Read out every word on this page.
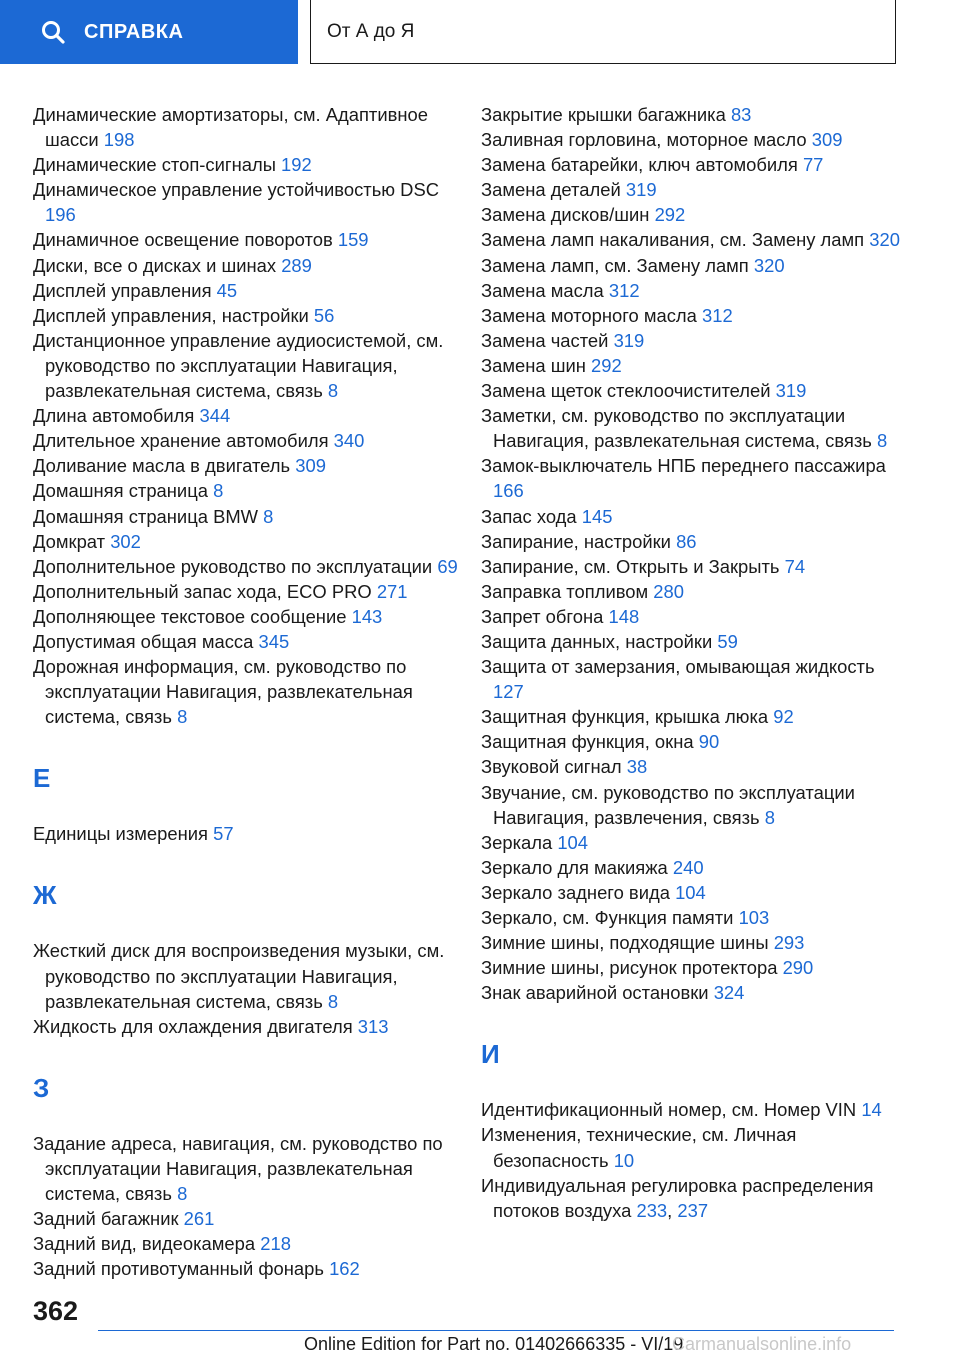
СПРАВКА	От А до Я
Динамические амортизаторы, см. Адаптивное шасси 198
Динамические стоп-сигналы 192
Динамическое управление устойчивостью DSC 196
Динамичное освещение поворотов 159
Диски, все о дисках и шинах 289
Дисплей управления 45
Дисплей управления, настройки 56
Дистанционное управление аудиосистемой, см. руководство по эксплуатации Навигация, развлекательная система, связь 8
Длина автомобиля 344
Длительное хранение автомобиля 340
Доливание масла в двигатель 309
Домашняя страница 8
Домашняя страница BMW 8
Домкрат 302
Дополнительное руководство по эксплуатации 69
Дополнительный запас хода, ECO PRO 271
Дополняющее текстовое сообщение 143
Допустимая общая масса 345
Дорожная информация, см. руководство по эксплуатации Навигация, развлекательная система, связь 8
Е
Единицы измерения 57
Ж
Жесткий диск для воспроизведения музыки, см. руководство по эксплуатации Навигация, развлекательная система, связь 8
Жидкость для охлаждения двигателя 313
З
Задание адреса, навигация, см. руководство по эксплуатации Навигация, развлекательная система, связь 8
Задний багажник 261
Задний вид, видеокамера 218
Задний противотуманный фонарь 162
Закрытие крышки багажника 83
Заливная горловина, моторное масло 309
Замена батарейки, ключ автомобиля 77
Замена деталей 319
Замена дисков/шин 292
Замена ламп накаливания, см. Замену ламп 320
Замена ламп, см. Замену ламп 320
Замена масла 312
Замена моторного масла 312
Замена частей 319
Замена шин 292
Замена щеток стеклоочистителей 319
Заметки, см. руководство по эксплуатации Навигация, развлекательная система, связь 8
Замок-выключатель НПБ переднего пассажира 166
Запас хода 145
Запирание, настройки 86
Запирание, см. Открыть и Закрыть 74
Заправка топливом 280
Запрет обгона 148
Защита данных, настройки 59
Защита от замерзания, омывающая жидкость 127
Защитная функция, крышка люка 92
Защитная функция, окна 90
Звуковой сигнал 38
Звучание, см. руководство по эксплуатации Навигация, развлечения, связь 8
Зеркала 104
Зеркало для макияжа 240
Зеркало заднего вида 104
Зеркало, см. Функция памяти 103
Зимние шины, подходящие шины 293
Зимние шины, рисунок протектора 290
Знак аварийной остановки 324
И
Идентификационный номер, см. Номер VIN 14
Изменения, технические, см. Личная безопасность 10
Индивидуальная регулировка распределения потоков воздуха 233, 237
362
Online Edition for Part no. 01402666335 - VI/19
Carmanualsonline.info
